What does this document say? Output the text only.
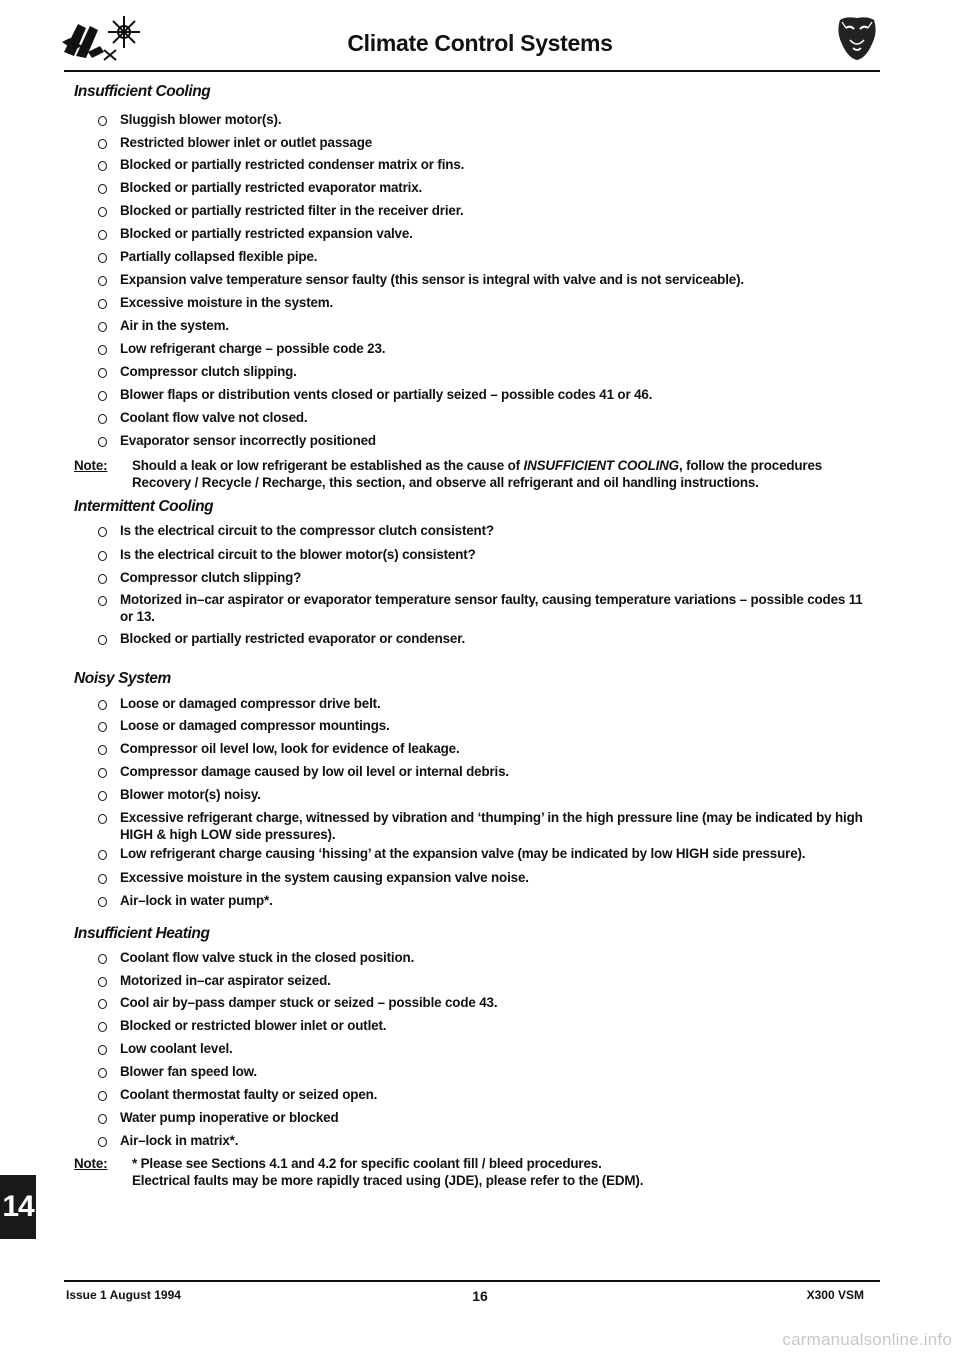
Climate Control Systems
Insufficient Cooling
Sluggish blower motor(s).
Restricted blower inlet or outlet passage
Blocked or partially restricted condenser matrix or fins.
Blocked or partially restricted evaporator matrix.
Blocked or partially restricted filter in the receiver drier.
Blocked or partially restricted expansion valve.
Partially collapsed flexible pipe.
Expansion valve temperature sensor faulty (this sensor is integral with valve and is not serviceable).
Excessive moisture in the system.
Air in the system.
Low refrigerant charge – possible code 23.
Compressor clutch slipping.
Blower flaps or distribution vents closed or partially seized – possible codes 41 or 46.
Coolant flow valve not closed.
Evaporator sensor incorrectly positioned
Note: Should a leak or low refrigerant be established as the cause of INSUFFICIENT COOLING, follow the procedures Recovery / Recycle / Recharge, this section, and observe all refrigerant and oil handling instructions.
Intermittent Cooling
Is the electrical circuit to the compressor clutch consistent?
Is the electrical circuit to the blower motor(s) consistent?
Compressor clutch slipping?
Motorized in–car aspirator or evaporator temperature sensor faulty, causing temperature variations – possible codes 11 or 13.
Blocked or partially restricted evaporator or condenser.
Noisy System
Loose or damaged compressor drive belt.
Loose or damaged compressor mountings.
Compressor oil level low, look for evidence of leakage.
Compressor damage caused by low oil level or internal debris.
Blower motor(s) noisy.
Excessive refrigerant charge, witnessed by vibration and ‘thumping’ in the high pressure line (may be indicated by high HIGH & high LOW side pressures).
Low refrigerant charge causing ‘hissing’ at the expansion valve (may be indicated by low HIGH side pressure).
Excessive moisture in the system causing expansion valve noise.
Air–lock in water pump*.
Insufficient Heating
Coolant flow valve stuck in the closed position.
Motorized in–car aspirator seized.
Cool air by–pass damper stuck or seized – possible code 43.
Blocked or restricted blower inlet or outlet.
Low coolant level.
Blower fan speed low.
Coolant thermostat faulty or seized open.
Water pump inoperative or blocked
Air–lock in matrix*.
Note: * Please see Sections 4.1 and 4.2 for specific coolant fill / bleed procedures.
Electrical faults may be more rapidly traced using (JDE), please refer to the (EDM).
14
Issue 1 August 1994	16	X300 VSM
carmanualsonline.info
